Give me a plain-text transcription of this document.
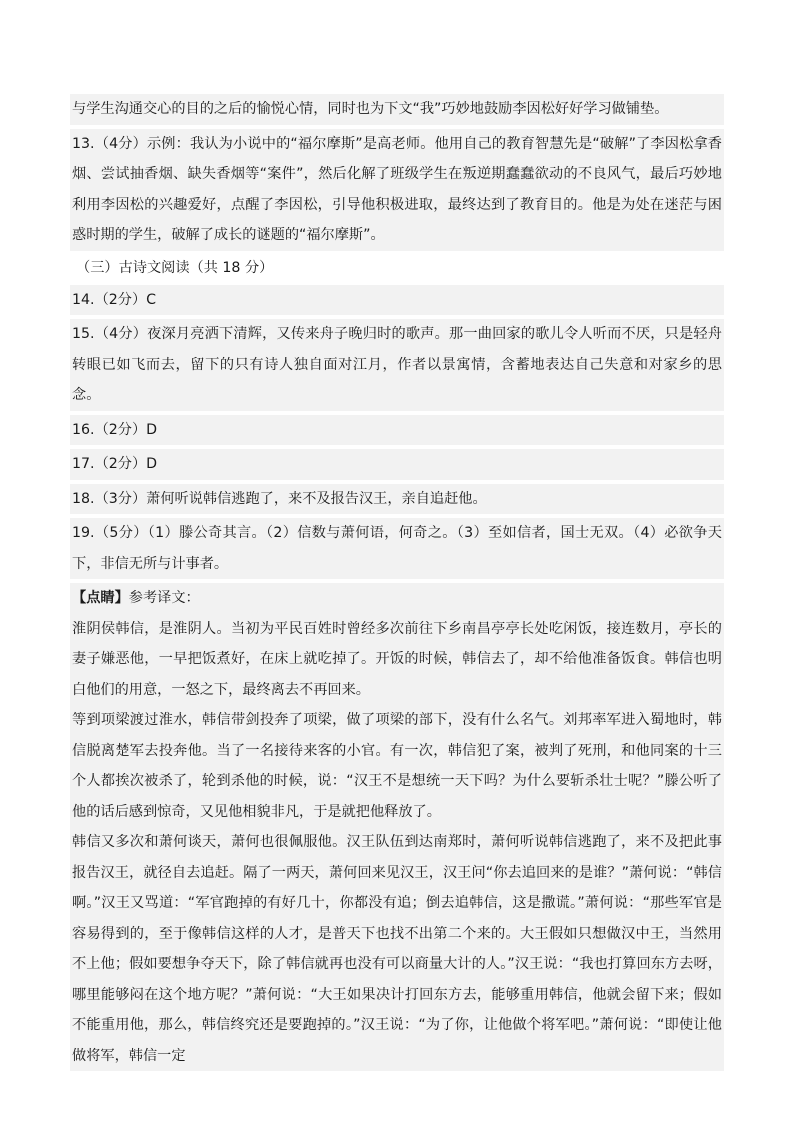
与学生沟通交心的目的之后的愉悦心情，同时也为下文“我”巧妙地鼓励李因松好好学习做铺垫。
13.（4分）示例：我认为小说中的“福尔摩斯”是高老师。他用自己的教育智慧先是“破解”了李因松拿香烟、尝试抽香烟、缺失香烟等“案件”，然后化解了班级学生在叛逆期蠢蠢欲动的不良风气，最后巧妙地利用李因松的兴趣爱好，点醒了李因松，引导他积极进取，最终达到了教育目的。他是为处在迷茫与困惑时期的学生，破解了成长的谜题的“福尔摩斯”。
（三）古诗文阅读（共 18 分）
14.（2分）C
15.（4分）夜深月亮洒下清辉，又传来舟子晚归时的歌声。那一曲回家的歌儿令人听而不厌，只是轻舟转眼已如飞而去，留下的只有诗人独自面对江月，作者以景寓情，含蓄地表达自己失意和对家乡的思念。
16.（2分）D
17.（2分）D
18.（3分）萧何听说韩信逃跑了，来不及报告汉王，亲自追赶他。
19.（5分）（1）滕公奇其言。（2）信数与萧何语，何奇之。（3）至如信者，国士无双。（4）必欲争天下，非信无所与计事者。
【点睛】参考译文：
淮阴侯韩信，是淮阴人。当初为平民百姓时曾经多次前往下乡南昌亭亭长处吃闲饭，接连数月，亭长的妻子嫌恶他，一早把饭煮好，在床上就吃掉了。开饭的时候，韩信去了，却不给他准备饭食。韩信也明白他们的用意，一怒之下，最终离去不再回来。
等到项梁渡过淮水，韩信带剑投奔了项梁，做了项梁的部下，没有什么名气。刘邦率军进入蜀地时，韩信脱离楚军去投奔他。当了一名接待来客的小官。有一次，韩信犯了案，被判了死刑，和他同案的十三个人都挨次被杀了，轮到杀他的时候，说：“汉王不是想统一天下吗？为什么要斩杀壮士呢？”滕公听了他的话后感到惊奇，又见他相貌非凡，于是就把他释放了。
韩信又多次和萧何谈天，萧何也很佩服他。汉王队伍到达南郑时，萧何听说韩信逃跑了，来不及把此事报告汉王，就径自去追赶。隔了一两天，萧何回来见汉王，汉王问“你去追回来的是谁？”萧何说：“韩信啊。”汉王又骂道：“军官跑掉的有好几十，你都没有追；倒去追韩信，这是撒谎。”萧何说：“那些军官是容易得到的，至于像韩信这样的人才，是普天下也找不出第二个来的。大王假如只想做汉中王，当然用不上他；假如要想争夺天下，除了韩信就再也没有可以商量大计的人。”汉王说：“我也打算回东方去呀，哪里能够闷在这个地方呢？”萧何说：“大王如果决计打回东方去，能够重用韩信，他就会留下来；假如不能重用他，那么，韩信终究还是要跑掉的。”汉王说：“为了你，让他做个将军吧。”萧何说：“即使让他做将军，韩信一定
